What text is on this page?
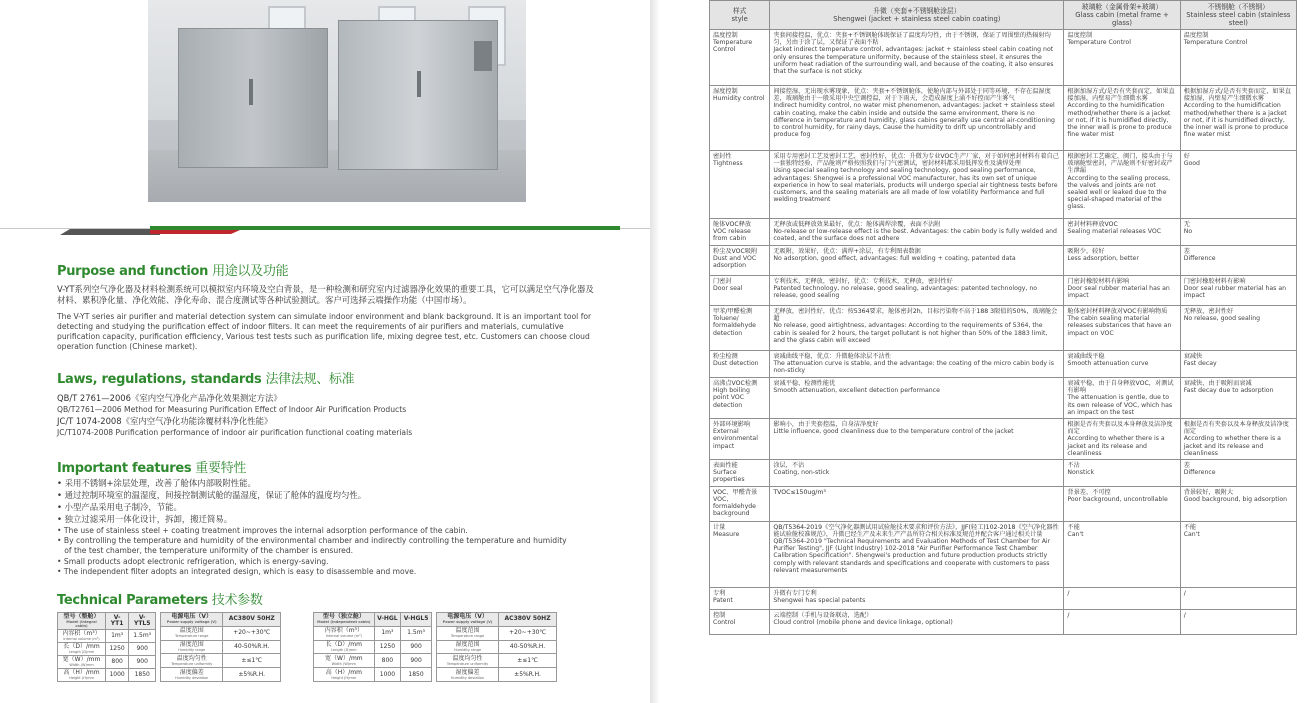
Purpose and function 用途以及功能
V-YT系列空气净化器及材料检测系统可以模拟室内环境及空白背景，是一种检测和研究室内过滤器净化效果的重要工具，它可以满足空气净化器及材料、累积净化量、净化效能、净化寿命、混合度测试等各种试验测试。客户可选择云端操作功能（中国市场）。
The V-YT series air purifier and material detection system can simulate indoor environment and blank background. It is an important tool for detecting and studying the purification effect of indoor filters. It can meet the requirements of air purifiers and materials, cumulative purification capacity, purification efficiency, Various test tests such as purification life, mixing degree test, etc. Customers can choose cloud operation function (Chinese market).
Laws, regulations, standards 法律法规、标准
QB/T 2761—2006《室内空气净化产品净化效果测定方法》
QB/T2761—2006 Method for Measuring Purification Effect of Indoor Air Purification Products
JC/T 1074-2008《室内空气净化功能涂覆材料净化性能》
JC/T1074-2008 Purification performance of indoor air purification functional coating materials
Important features 重要特性
• 采用不锈钢+涂层处理，改善了舱体内部吸附性能。
• 通过控制环境室的温湿度，间接控制测试舱的温湿度，保证了舱体的温度均匀性。
• 小型产品采用电子制冷，节能。
• 独立过滤采用一体化设计，拆卸，搬迁简易。
• The use of stainless steel + coating treatment improves the internal adsorption performance of the cabin.
• By controlling the temperature and humidity of the environmental chamber and indirectly controlling the temperature and humidity
of the test chamber, the temperature uniformity of the chamber is ensured.
• Small products adopt electronic refrigeration, which is energy-saving.
• The independent filter adopts an integrated design, which is easy to disassemble and move.
Technical Parameters 技术参数
型号（整舱）
Model (Integral cabin)	V-YT1	V-YTL5
内容积（m³）
Internal volume (m³)	1m³	1.5m³
长（D）/mm
Length (D)mm	1250	900
宽（W）/mm
Width (W)mm	800	900
高（H）/mm
Height (H)mm	1000	1850
电源电压（V）
Power supply voltage (V)	AC380V 50HZ
温度范围
Temperature range	+20~+30℃
湿度范围
Humidity range	40-50%R.H.
温度均匀性
Temperature uniformity	±≤1℃
湿度偏差
Humidity deviation	±5%R.H.
型号（独立舱）
Model (Independent cabin)	V-HGL	V-HGL5
内容积（m³）
Internal volume (m³)	1m³	1.5m³
长（D）/mm
Length (D)mm	1250	900
宽（W）/mm
Width (W)mm	800	900
高（H）/mm
Height (H)mm	1000	1850
电源电压（V）
Power supply voltage (V)	AC380V 50HZ
温度范围
Temperature range	+20~+30℃
湿度范围
Humidity range	40-50%R.H.
温度均匀性
Temperature uniformity	±≤1℃
湿度偏差
Humidity deviation	±5%R.H.
样式
style	升微（夹套+不锈钢舱涂层）
Shengwei (jacket + stainless steel cabin coating)	玻璃舱（金属骨架+玻璃）
Glass cabin (metal frame + glass)	不锈钢舱（不锈钢）
Stainless steel cabin (stainless steel)

温度控制
Temperature Control	夹套间接控温，优点：夹套+不锈钢舱体既保证了温度均匀性，由于不锈钢，保证了周围壁的热辐射均匀，另由于涂了层，又保证了表面不粘
Jacket indirect temperature control, advantages: jacket + stainless steel cabin coating not only ensures the temperature uniformity, because of the stainless steel, it ensures the uniform heat radiation of the surrounding wall, and because of the coating, it also ensures that the surface is not sticky.	温度控制
Temperature Control	温度控制
Temperature Control

湿度控制
Humidity control	间接控湿，无出现水雾现象，优点：夹套+不锈钢舱体，使舱内部与外部处于同等环境，不存在温湿度差，玻璃舱由于一般采用中央空调控温，对于下雨天，会造成湿度上涌不好控而产生雾气
Indirect humidity control, no water mist phenomenon, advantages: jacket + stainless steel cabin coating, make the cabin inside and outside the same environment, there is no difference in temperature and humidity, glass cabins generally use central air-conditioning to control humidity, for rainy days, Cause the humidity to drift up uncontrollably and produce fog	根据加湿方式/是否有夹套而定，如果直接加湿，内壁易产生细微水雾
According to the humidification method/whether there is a jacket or not, if it is humidified directly, the inner wall is prone to produce fine water mist	根据加湿方式/是否有夹套而定，如果直接加湿，内壁易产生细微水雾
According to the humidification method/whether there is a jacket or not, if it is humidified directly, the inner wall is prone to produce fine water mist

密封性
Tightness	采用专用密封工艺及密封工艺，密封性好，优点：升微为专业VOC生产厂家，对于如何密封材料有着自己一套独特经验，产品舱则严格按照我们与门气密测试，密封材料都采用低挥发性及满焊处理
Using special sealing technology and sealing technology, good sealing performance, advantages: Shengwei is a professional VOC manufacturer, has its own set of unique experience in how to seal materials, products will undergo special air tightness tests before customers, and the sealing materials are all made of low volatility Performance and full welding treatment	根据密封工艺确定，阀门，接头由于与玻璃舱壁密封，产品舱则不好密封或产生泄漏
According to the sealing process, the valves and joints are not sealed well or leaked due to the special-shaped material of the glass.	好
Good

舱体VOC释放
VOC release from cabin	无释放或低释放效果最好，优点：舱体满焊涂覆，表面不沾附
No-release or low-release effect is the best. Advantages: the cabin body is fully welded and coated, and the surface does not adhere	密封材料释放VOC
Sealing material releases VOC	无
No

粉尘及VOC吸附
Dust and VOC adsorption	无吸附，效果好，优点：满焊+涂层，有专利图表数据
No adsorption, good effect, advantages: full welding + coating, patented data	吸附少，较好
Less adsorption, better	差
Difference

门密封
Door seal	专利技术，无释放，密封好，优点：专利技术，无释放，密封性好
Patented technology, no release, good sealing, advantages: patented technology, no release, good sealing	门密封橡胶材料有影响
Door seal rubber material has an impact	门密封橡胶材料有影响
Door seal rubber material has an impact

甲苯/甲醛检测
Toluene/ formaldehyde detection	无释放，密封性好，优点：按5364要求，舱体密封2h，目标污染物不高于188 3限值的50%，玻璃舱会超
No release, good airtightness, advantages: According to the requirements of 5364, the cabin is sealed for 2 hours, the target pollutant is not higher than 50% of the 1883 limit, and the glass cabin will exceed	舱体密封材料释放对VOC有影响物质
The cabin sealing material releases substances that have an impact on VOC	无释放，密封性好
No release, good sealing

粉尘检测
Dust detection	衰减曲线平稳，优点：升微舱体涂层不沾性
The attenuation curve is stable, and the advantage: the coating of the micro cabin body is non-sticky	衰减曲线平稳
Smooth attenuation curve	衰减快
Fast decay

高沸点VOC检测
High boiling point VOC detection	衰减平稳，检测性能优
Smooth attenuation, excellent detection performance	衰减平稳，由于自身释放VOC，对测试有影响
The attenuation is gentle, due to its own release of VOC, which has an impact on the test	衰减快，由于吸附而衰减
Fast decay due to adsorption

外部环境影响
External environmental impact	影响小，由于夹套控温，自身洁净度好
Little influence, good cleanliness due to the temperature control of the jacket	根据是否有夹套以及本身释放及洁净度而定
According to whether there is a jacket and its release and cleanliness	根据是否有夹套以及本身释放及洁净度而定
According to whether there is a jacket and its release and cleanliness

表面性能
Surface properties	涂层，不沾
Coating, non-stick	不沾
Nonstick	差
Difference

VOC、甲醛背景
VOC, formaldehyde background	TVOC≤150ug/m³	背景差，不可控
Poor background, uncontrollable	背景较好，吸附大
Good background, big adsorption

计量
Measure	QB/T5364-2019《空气净化器测试用试验舱技术要求和评价方法》，JJF(轻工)102-2018《空气净化器性能试验舱校准规范》，升微已经生产及未来生产产品所符合相关标准及规范并配合客户通过相关计量
QB/T5364-2019 "Technical Requirements and Evaluation Methods of Test Chamber for Air Purifier Testing", JJF (Light Industry) 102-2018 "Air Purifier Performance Test Chamber Calibration Specification". Shengwei's production and future production products strictly comply with relevant standards and specifications and cooperate with customers to pass relevant measurements	不能
Can't	不能
Can't

专利
Patent	升微有专门专利
Shengwei has special patents	/	/

控制
Control	云端控制（手机与设备联动，选配）
Cloud control (mobile phone and device linkage, optional)	/	/
